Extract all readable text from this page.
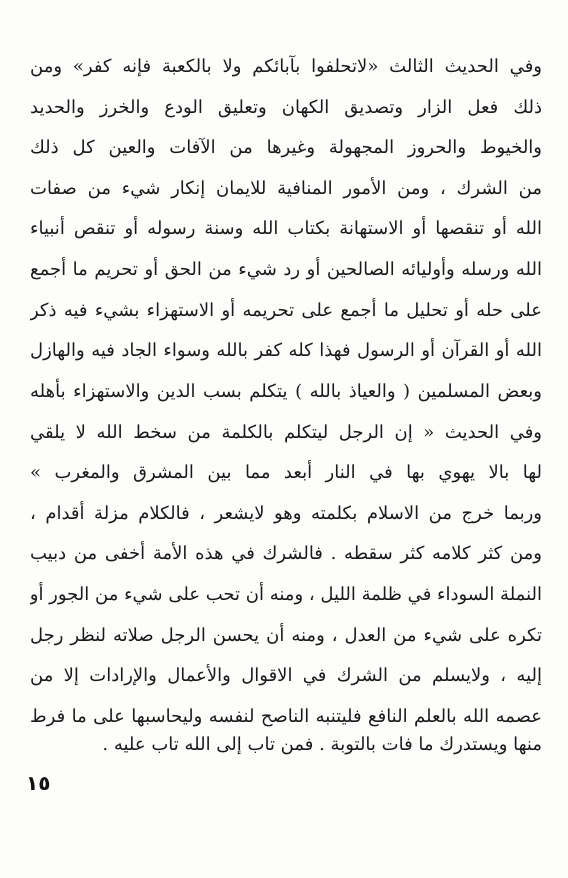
وفي الحديث الثالث «لاتحلفوا بآبائكم ولا بالكعبة فإنه كفر» ومن
ذلك فعل الزار وتصديق الكهان وتعليق الودع والخرز والحديد
والخيوط والحروز المجهولة وغيرها من الآفات والعين كل ذلك
من الشرك ، ومن الأمور المنافية للايمان إنكار شيء من صفات
الله أو تنقصها أو الاستهانة بكتاب الله وسنة رسوله أو تنقص أنبياء
الله ورسله وأوليائه الصالحين أو رد شيء من الحق أو تحريم ما أجمع
على حله أو تحليل ما أجمع على تحريمه أو الاستهزاء بشيء فيه ذكر
الله أو القرآن أو الرسول فهذا كله كفر بالله وسواء الجاد فيه والهازل
وبعض المسلمين ( والعياذ بالله ) يتكلم بسب الدين والاستهزاء بأهله
وفي الحديث « إن الرجل ليتكلم بالكلمة من سخط الله لا يلقي
لها بالا يهوي بها في النار أبعد مما بين المشرق والمغرب »
وربما خرج من الاسلام بكلمته وهو لايشعر ، فالكلام مزلة أقدام ،
ومن كثر كلامه كثر سقطه . فالشرك في هذه الأمة أخفى من دبيب
النملة السوداء في ظلمة الليل ، ومنه أن تحب على شيء من الجور أو
تكره على شيء من العدل ، ومنه أن يحسن الرجل صلاته لنظر رجل
إليه ، ولايسلم من الشرك في الاقوال والأعمال والإرادات إلا من
عصمه الله بالعلم النافع فليتنبه الناصح لنفسه وليحاسبها على ما فرط
منها ويستدرك ما فات بالتوبة . فمن تاب إلى الله تاب عليه .
١٥
